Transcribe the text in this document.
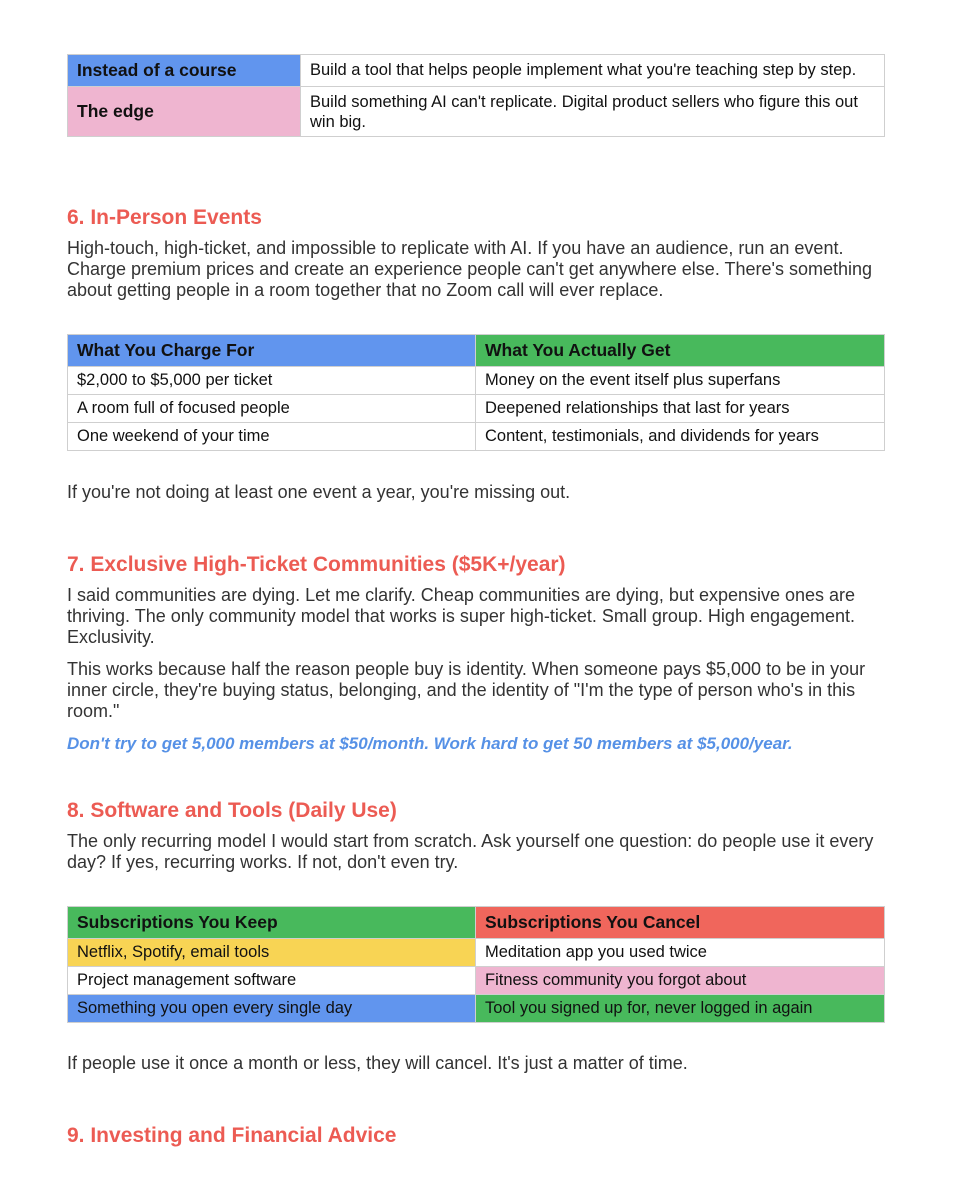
Instead of a course	Build a tool that helps people implement what you're teaching step by step.
The edge	Build something AI can't replicate. Digital product sellers who figure this out win big.
6. In-Person Events

High-touch, high-ticket, and impossible to replicate with AI. If you have an audience, run an event. Charge premium prices and create an experience people can't get anywhere else. There's something about getting people in a room together that no Zoom call will ever replace.

What You Charge For	What You Actually Get
$2,000 to $5,000 per ticket	Money on the event itself plus superfans
A room full of focused people	Deepened relationships that last for years
One weekend of your time	Content, testimonials, and dividends for years

If you're not doing at least one event a year, you're missing out.

7. Exclusive High-Ticket Communities ($5K+/year)

I said communities are dying. Let me clarify. Cheap communities are dying, but expensive ones are thriving. The only community model that works is super high-ticket. Small group. High engagement. Exclusivity.

This works because half the reason people buy is identity. When someone pays $5,000 to be in your inner circle, they're buying status, belonging, and the identity of "I'm the type of person who's in this room."

Don't try to get 5,000 members at $50/month. Work hard to get 50 members at $5,000/year.

8. Software and Tools (Daily Use)

The only recurring model I would start from scratch. Ask yourself one question: do people use it every day? If yes, recurring works. If not, don't even try.

Subscriptions You Keep	Subscriptions You Cancel
Netflix, Spotify, email tools	Meditation app you used twice
Project management software	Fitness community you forgot about
Something you open every single day	Tool you signed up for, never logged in again

If people use it once a month or less, they will cancel. It's just a matter of time.

9. Investing and Financial Advice
